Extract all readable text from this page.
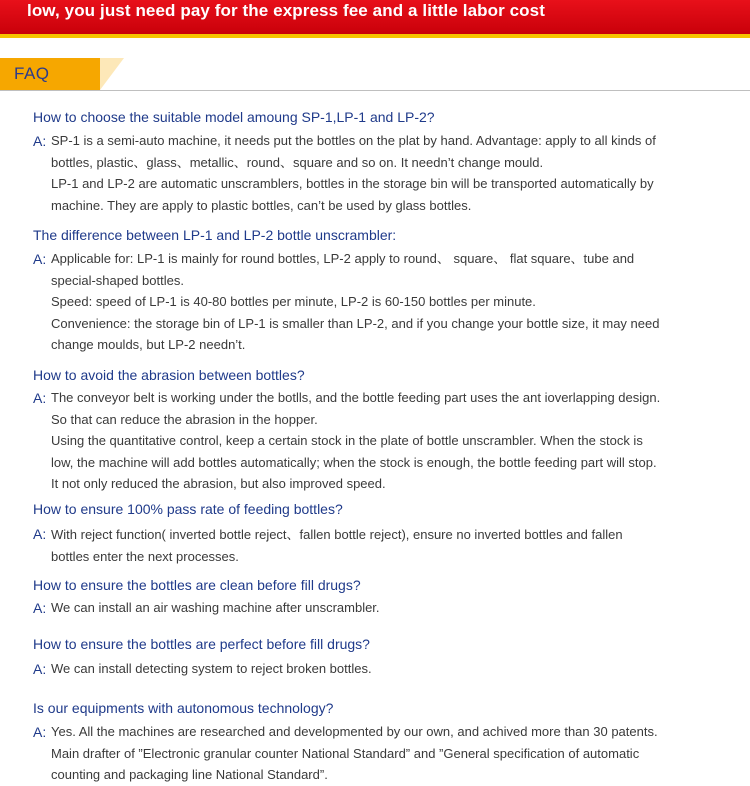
low, you just need pay for the express fee and a little labor cost
FAQ
How to choose the suitable model amoung SP-1,LP-1 and LP-2?
A: SP-1 is a semi-auto machine, it needs put the bottles on the plat by hand. Advantage: apply to all kinds of
bottles, plastic、glass、metallic、round、square and so on. It needn’t change mould.
LP-1 and LP-2 are automatic unscramblers, bottles in the storage bin will be transported automatically by
machine. They are apply to plastic bottles, can’t be used by glass bottles.
The difference between LP-1 and LP-2 bottle unscrambler:
A: Applicable for: LP-1 is mainly for round bottles, LP-2 apply to round、 square、 flat square、tube and
special-shaped bottles.
Speed: speed of LP-1 is 40-80 bottles per minute, LP-2 is 60-150 bottles per minute.
Convenience: the storage bin of LP-1 is smaller than LP-2, and if you change your bottle size, it may need
change moulds, but LP-2 needn’t.
How to avoid the abrasion between bottles?
A: The conveyor belt is working under the botlls, and the bottle feeding part uses the ant ioverlapping design.
So that can reduce the abrasion in the hopper.
Using the quantitative control, keep a certain stock in the plate of bottle unscrambler. When the stock is
low, the machine will add bottles automatically; when the stock is enough, the bottle feeding part will stop.
It not only reduced the abrasion, but also improved speed.
How to ensure 100% pass rate of feeding bottles?
A: With reject function( inverted bottle reject、fallen bottle reject), ensure no inverted bottles and fallen
bottles enter the next processes.
How to ensure the bottles are clean before fill drugs?
A: We can install an air washing machine after unscrambler.
How to ensure the bottles are perfect before fill drugs?
A: We can install detecting system to reject broken bottles.
Is our equipments with autonomous technology?
A: Yes. All the machines are researched and developmented by our own, and achived more than 30 patents.
Main drafter of ”Electronic granular counter National Standard” and ”General specification of automatic
counting and packaging line National Standard”.
